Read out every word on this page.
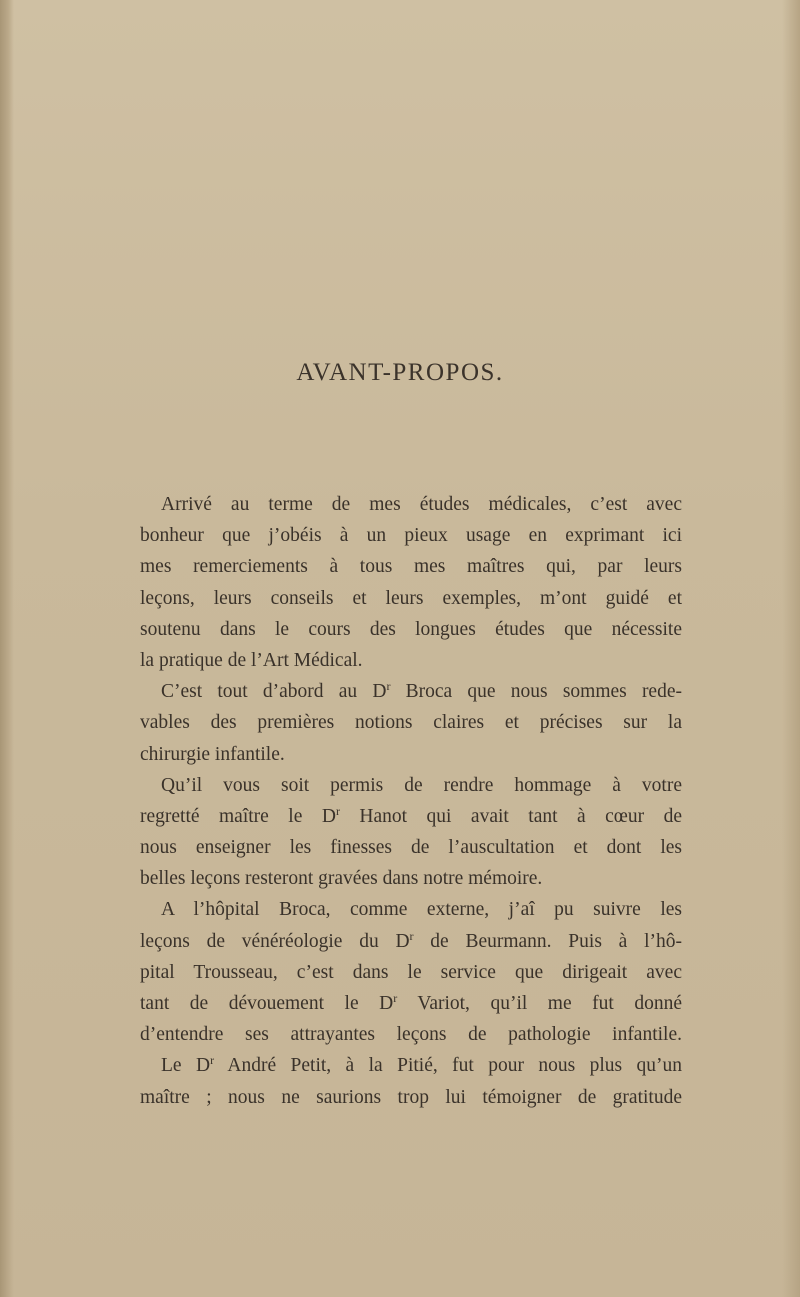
AVANT-PROPOS.
Arrivé au terme de mes études médicales, c’est avec
bonheur que j’obéis à un pieux usage en exprimant ici
mes remerciements à tous mes maîtres qui, par leurs
leçons, leurs conseils et leurs exemples, m’ont guidé et
soutenu dans le cours des longues études que nécessite
la pratique de l’Art Médical.
C’est tout d’abord au $D^r$ Broca que nous sommes rede-
vables des premières notions claires et précises sur la
chirurgie infantile.
Qu’il vous soit permis de rendre hommage à votre
regretté maître le $D^r$ Hanot qui avait tant à cœur de
nous enseigner les finesses de l’auscultation et dont les
belles leçons resteront gravées dans notre mémoire.
A l’hôpital Broca, comme externe, j’aî pu suivre les
leçons de vénéréologie du $D^r$ de Beurmann. Puis à l’hô-
pital Trousseau, c’est dans le service que dirigeait avec
tant de dévouement le $D^r$ Variot, qu’il me fut donné
d’entendre ses attrayantes leçons de pathologie infantile.
Le $D^r$ André Petit, à la Pitié, fut pour nous plus qu’un
maître ; nous ne saurions trop lui témoigner de gratitude
